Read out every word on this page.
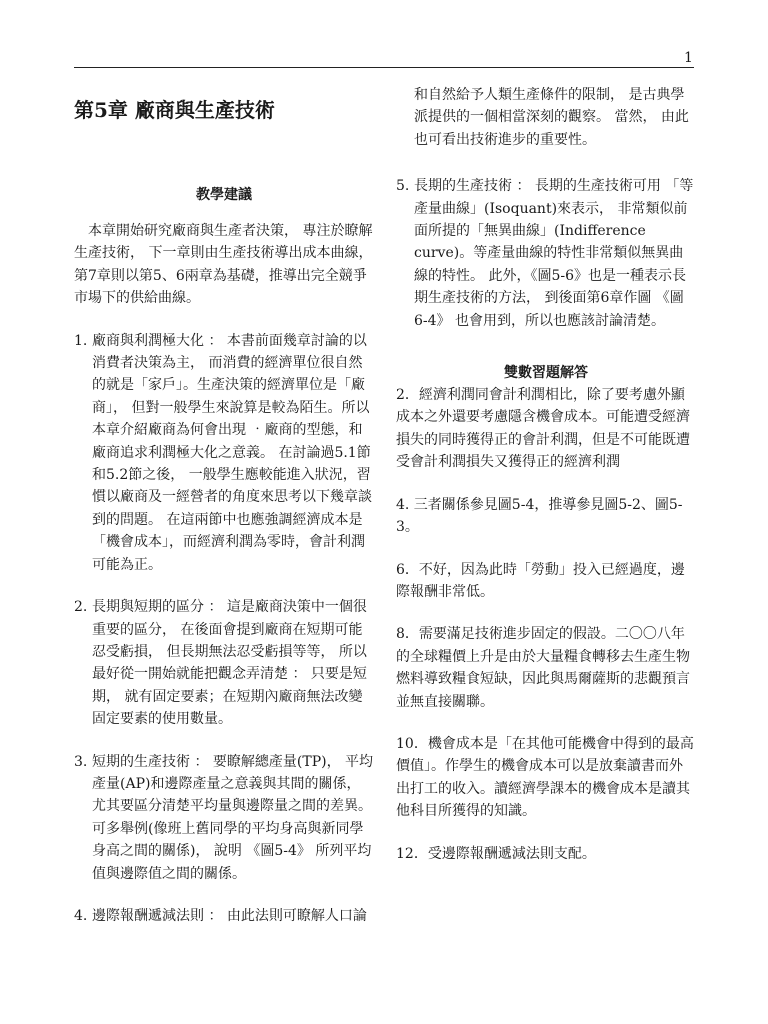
1
第5章 廠商與生產技術
教學建議

本章開始研究廠商與生產者決策， 專注於瞭解生產技術， 下一章則由生產技術導出成本曲線，第7章則以第5、6兩章為基礎，推導出完全競爭市場下的供給曲線。

1. 廠商與利潤極大化 ： 本書前面幾章討論的以消費者決策為主， 而消費的經濟單位很自然的就是「家戶」。生產決策的經濟單位是「廠商」， 但對一般學生來說算是較為陌生。所以本章介紹廠商為何會出現 ‧廠商的型態，和廠商追求利潤極大化之意義。 在討論過5.1節和5.2節之後， 一般學生應較能進入狀況，習慣以廠商及一經營者的角度來思考以下幾章談到的問題。 在這兩節中也應強調經濟成本是「機會成本」，而經濟利潤為零時，會計利潤可能為正。
2. 長期與短期的區分 ： 這是廠商決策中一個很重要的區分， 在後面會提到廠商在短期可能忍受虧損， 但長期無法忍受虧損等等， 所以最好從一開始就能把觀念弄清楚 ： 只要是短期， 就有固定要素；在短期內廠商無法改變固定要素的使用數量。
3. 短期的生產技術 ： 要瞭解總產量(TP)， 平均產量(AP)和邊際產量之意義與其間的關係， 尤其要區分清楚平均量與邊際量之間的差異。可多舉例(像班上舊同學的平均身高與新同學身高之間的關係)， 說明 《圖5-4》 所列平均值與邊際值之間的關係。
4. 邊際報酬遞減法則 ： 由此法則可瞭解人口論

和自然給予人類生產條件的限制， 是古典學派提供的一個相當深刻的觀察。 當然， 由此也可看出技術進步的重要性。

5. 長期的生產技術 ： 長期的生產技術可用 「等產量曲線」(Isoquant)來表示， 非常類似前面所提的「無異曲線」(Indifference curve)。等產量曲線的特性非常類似無異曲線的特性。 此外，《圖5-6》也是一種表示長期生產技術的方法， 到後面第6章作圖 《圖6-4》 也會用到，所以也應該討論清楚。
雙數習題解答

2．經濟利潤同會計利潤相比，除了要考慮外顯成本之外還要考慮隱含機會成本。可能遭受經濟損失的同時獲得正的會計利潤，但是不可能既遭受會計利潤損失又獲得正的經濟利潤

4. 三者關係參見圖5-4，推導參見圖5-2、圖5-3。

6．不好，因為此時「勞動」投入已經過度，邊際報酬非常低。

8．需要滿足技術進步固定的假設。二〇〇八年的全球糧價上升是由於大量糧食轉移去生產生物燃料導致糧食短缺，因此與馬爾薩斯的悲觀預言並無直接關聯。

10．機會成本是「在其他可能機會中得到的最高價值」。作學生的機會成本可以是放棄讀書而外出打工的收入。讀經濟學課本的機會成本是讀其他科目所獲得的知識。

12．受邊際報酬遞減法則支配。
